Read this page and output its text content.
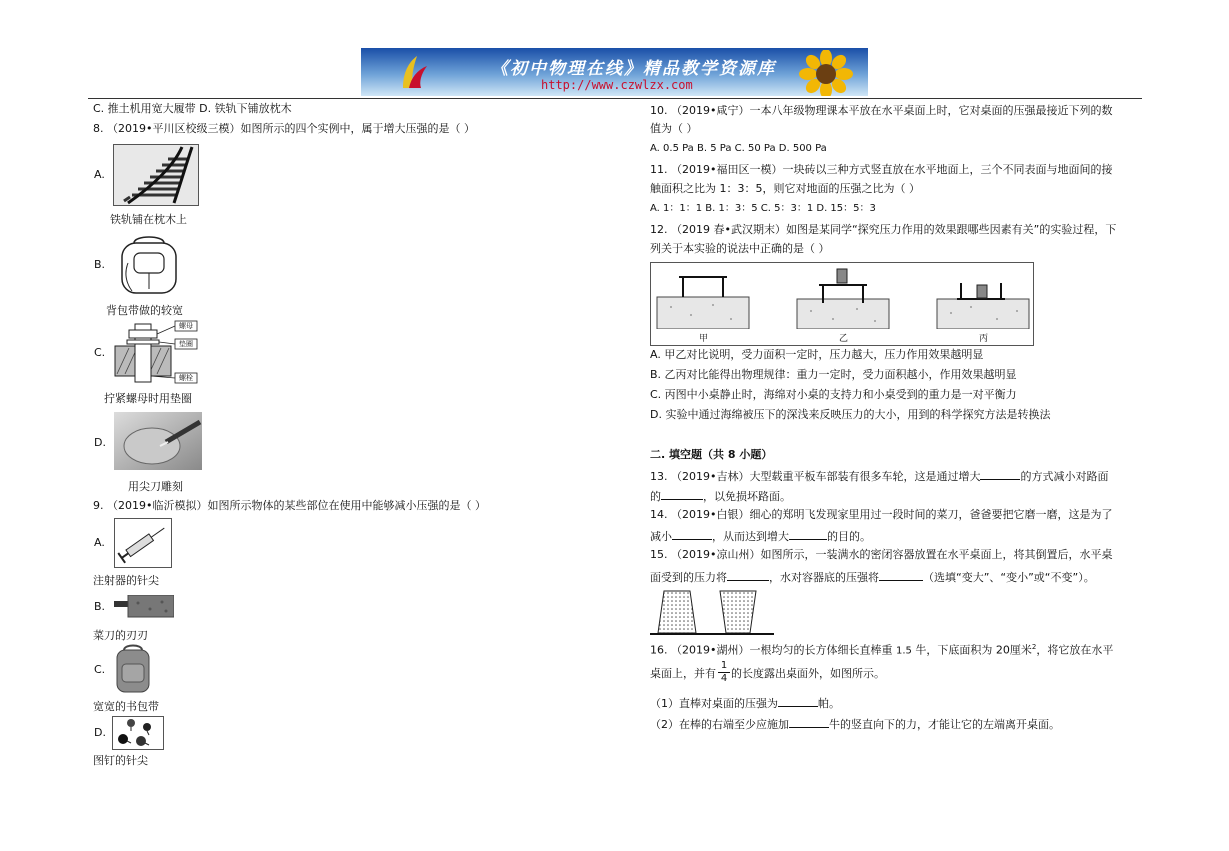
《初中物理在线》精品教学资源库
http://www.czwlzx.com
C. 推土机用宽大履带 D. 铁轨下铺放枕木
8. （2019•平川区校级三模）如图所示的四个实例中，属于增大压强的是（ ）
A.
铁轨铺在枕木上
B.
背包带做的较宽
C.
螺母
垫圈
螺栓
拧紧螺母时用垫圈
D.
用尖刀雕刻
9. （2019•临沂模拟）如图所示物体的某些部位在使用中能够减小压强的是（ ）
A.
注射器的针尖
B.
菜刀的刃刃
C.
宽宽的书包带
D.
图钉的针尖
10. （2019•咸宁）一本八年级物理课本平放在水平桌面上时，它对桌面的压强最接近下列的数
值为（ ）
A. 0.5 Pa B. 5 Pa C. 50 Pa D. 500 Pa
11. （2019•福田区一模）一块砖以三种方式竖直放在水平地面上，三个不同表面与地面间的接
触面积之比为 1：3：5，则它对地面的压强之比为（ ）
A. 1：1：1 B. 1：3：5 C. 5：3：1 D. 15：5：3
12. （2019 春•武汉期末）如图是某同学“探究压力作用的效果跟哪些因素有关”的实验过程，下
列关于本实验的说法中正确的是（ ）
甲	乙	丙
A. 甲乙对比说明，受力面积一定时，压力越大，压力作用效果越明显
B. 乙丙对比能得出物理规律：重力一定时，受力面积越小，作用效果越明显
C. 丙图中小桌静止时，海绵对小桌的支持力和小桌受到的重力是一对平衡力
D. 实验中通过海绵被压下的深浅来反映压力的大小，用到的科学探究方法是转换法
二. 填空题（共 8 小题）
13. （2019•吉林）大型载重平板车部装有很多车轮，这是通过增大	的方式减小对路面
的	，以免损坏路面。
14. （2019•白银）细心的郑明飞发现家里用过一段时间的菜刀，爸爸要把它磨一磨，这是为了
减小	，从而达到增大	的目的。
15. （2019•凉山州）如图所示，一装满水的密闭容器放置在水平桌面上，将其倒置后，水平桌
面受到的压力将	，水对容器底的压强将	（选填“变大”、“变小”或“不变”）。
16. （2019•湖州）一根均匀的长方体细长直棒重 1.5 牛，下底面积为 20厘米$^2$，将它放在水平
桌面上，并有 $\frac{1}{4}$ 的长度露出桌面外，如图所示。
（1）直棒对桌面的压强为	帕。
（2）在棒的右端至少应施加	牛的竖直向下的力，才能让它的左端离开桌面。
